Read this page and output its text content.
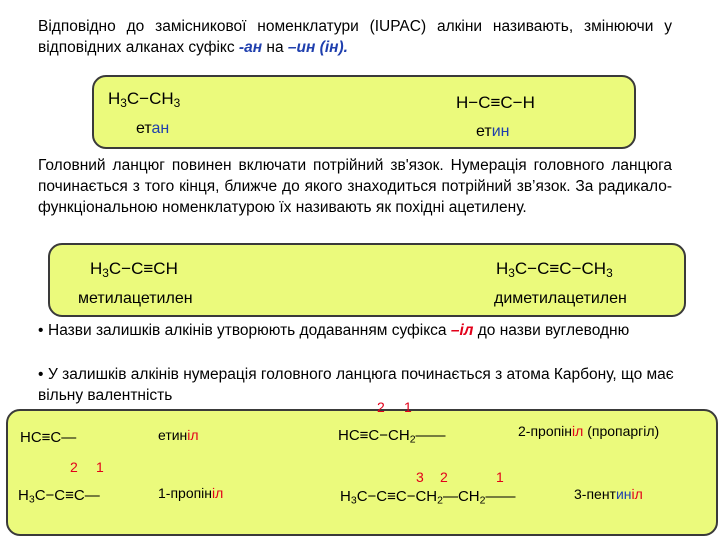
Відповідно до замісникової номенклатури (IUPAC) алкіни називають, змінюючи у відповідних алканах суфікс -ан на –ин (ін).
$H_3C-CH_3$
етан
H−C≡C−H
етин
Головний ланцюг повинен включати потрійний зв'язок. Нумерація головного ланцюга починається з того кінця, ближче до якого знаходиться потрійний зв’язок. За радикало-функціональною номенклатурою їх називають як похідні ацетилену.
$H_3C-C\equiv CH$
метилацетилен
$H_3C-C\equiv C-CH_3$
диметилацетилен
• Назви залишків алкінів утворюють додаванням суфікса –іл до назви вуглеводню
• У залишків алкінів нумерація головного ланцюга починається з атома Карбону, що має вільну валентність
HC≡C—	етиніл
2 1
$HC\equiv C-CH_2——$	2-пропініл (пропаргіл)
2 1
$H_3C-C\equiv C—$	1-пропініл
3 2	1
$H_3C-C\equiv C-CH_2—CH_2——$	3-пентиніл
